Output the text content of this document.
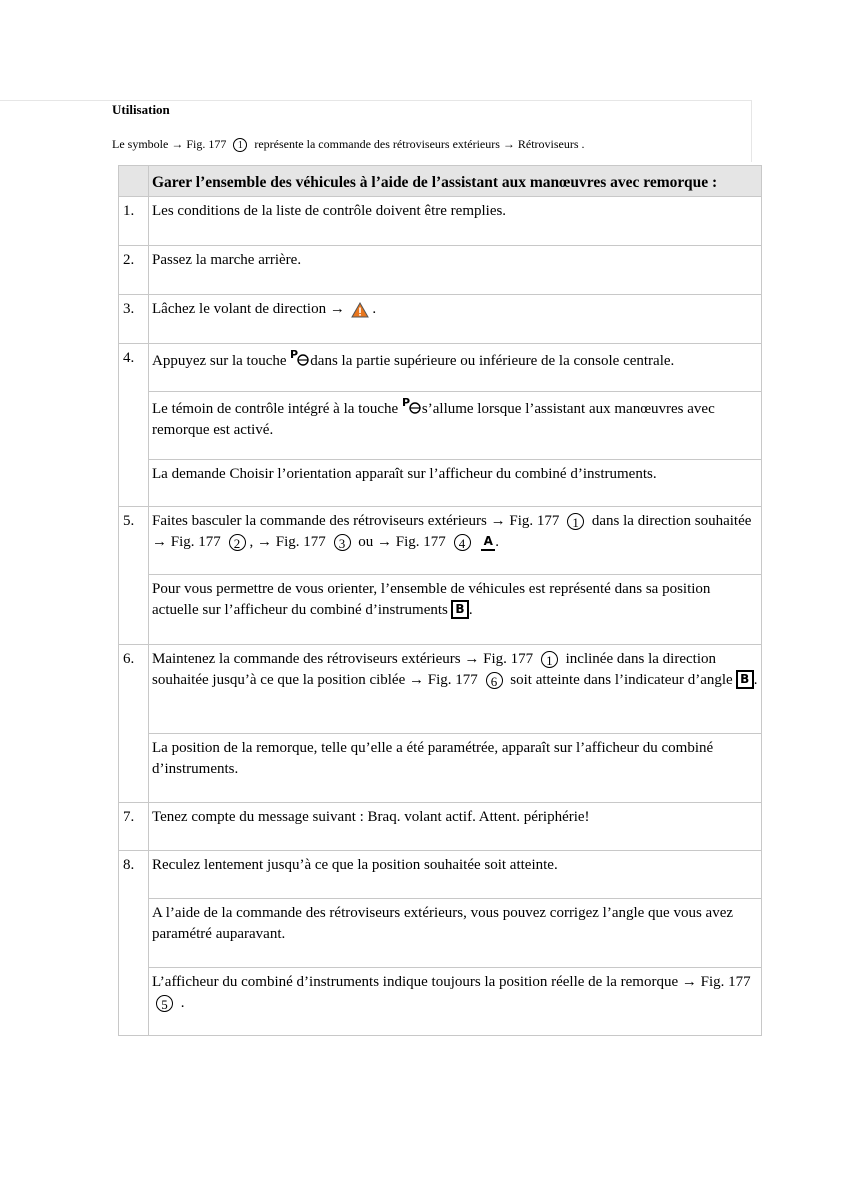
Utilisation
Le symbole → Fig. 177 1 représente la commande des rétroviseurs extérieurs → Rétroviseurs .
	Garer l’ensemble des véhicules à l’aide de l’assistant aux manœuvres avec remorque :
1.	Les conditions de la liste de contrôle doivent être remplies.
2.	Passez la marche arrière.
3.	Lâchez le volant de direction → .
4.	Appuyez sur la touche P dans la partie supérieure ou inférieure de la console centrale.
	Le témoin de contrôle intégré à la touche P s’allume lorsque l’assistant aux manœuvres avec remorque est activé.
	La demande Choisir l’orientation apparaît sur l’afficheur du combiné d’instruments.
5.	Faites basculer la commande des rétroviseurs extérieurs → Fig. 177 1 dans la direction souhaitée → Fig. 177 2 , → Fig. 177 3 ou → Fig. 177 4 A .
	Pour vous permettre de vous orienter, l’ensemble de véhicules est représenté dans sa position actuelle sur l’afficheur du combiné d’instruments B .
6.	Maintenez la commande des rétroviseurs extérieurs → Fig. 177 1 inclinée dans la direction souhaitée jusqu’à ce que la position ciblée → Fig. 177 6 soit atteinte dans l’indicateur d’angle B .
	La position de la remorque, telle qu’elle a été paramétrée, apparaît sur l’afficheur du combiné d’instruments.
7.	Tenez compte du message suivant : Braq. volant actif. Attent. périphérie!
8.	Reculez lentement jusqu’à ce que la position souhaitée soit atteinte.
	A l’aide de la commande des rétroviseurs extérieurs, vous pouvez corrigez l’angle que vous avez paramétré auparavant.
	L’afficheur du combiné d’instruments indique toujours la position réelle de la remorque → Fig. 177 5 .
